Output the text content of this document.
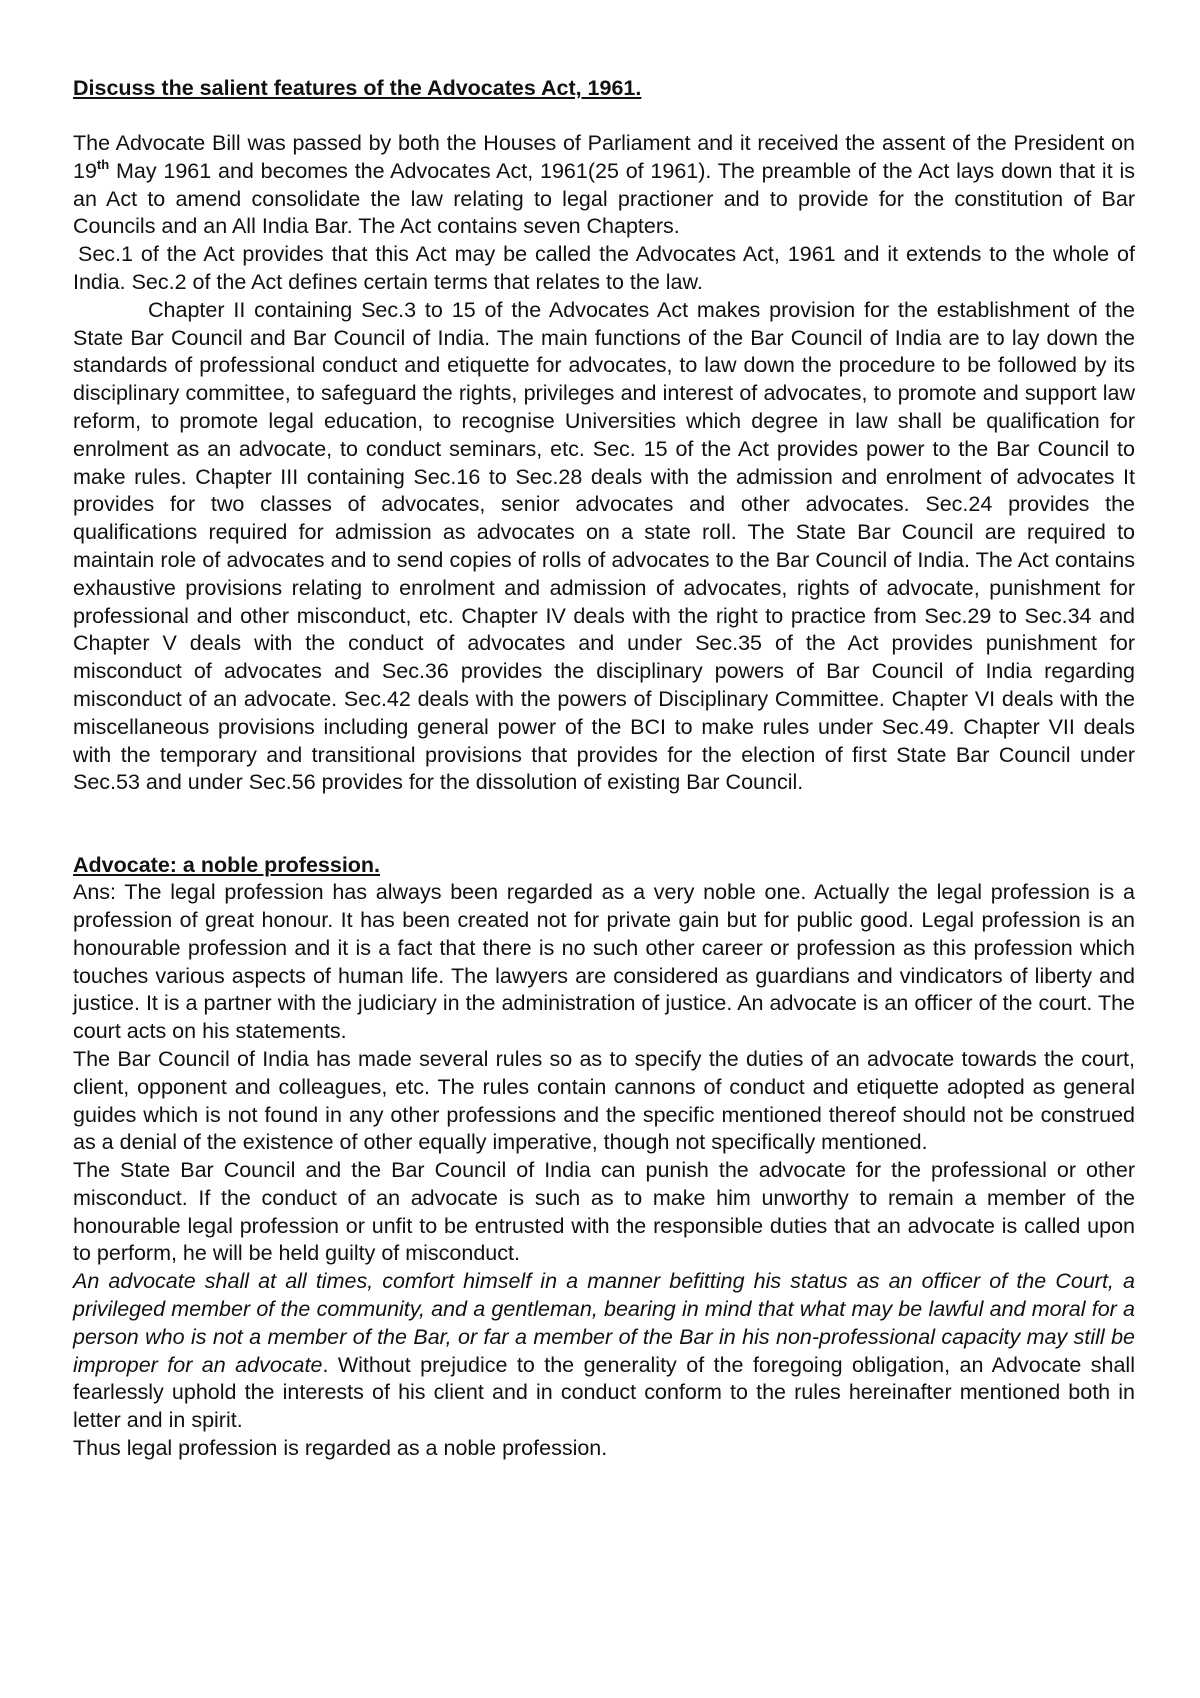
Discuss the salient features of the Advocates Act, 1961.

The Advocate Bill was passed by both the Houses of Parliament and it received the assent of the President on 19th May 1961 and becomes the Advocates Act, 1961(25 of 1961). The preamble of the Act lays down that it is an Act to amend consolidate the law relating to legal practioner and to provide for the constitution of Bar Councils and an All India Bar. The Act contains seven Chapters.

Sec.1 of the Act provides that this Act may be called the Advocates Act, 1961 and it extends to the whole of India. Sec.2 of the Act defines certain terms that relates to the law.

Chapter II containing Sec.3 to 15 of the Advocates Act makes provision for the establishment of the State Bar Council and Bar Council of India. The main functions of the Bar Council of India are to lay down the standards of professional conduct and etiquette for advocates, to law down the procedure to be followed by its disciplinary committee, to safeguard the rights, privileges and interest of advocates, to promote and support law reform, to promote legal education, to recognise Universities which degree in law shall be qualification for enrolment as an advocate, to conduct seminars, etc. Sec. 15 of the Act provides power to the Bar Council to make rules. Chapter III containing Sec.16 to Sec.28 deals with the admission and enrolment of advocates It provides for two classes of advocates, senior advocates and other advocates. Sec.24 provides the qualifications required for admission as advocates on a state roll. The State Bar Council are required to maintain role of advocates and to send copies of rolls of advocates to the Bar Council of India. The Act contains exhaustive provisions relating to enrolment and admission of advocates, rights of advocate, punishment for professional and other misconduct, etc. Chapter IV deals with the right to practice from Sec.29 to Sec.34 and Chapter V deals with the conduct of advocates and under Sec.35 of the Act provides punishment for misconduct of advocates and Sec.36 provides the disciplinary powers of Bar Council of India regarding misconduct of an advocate. Sec.42 deals with the powers of Disciplinary Committee. Chapter VI deals with the miscellaneous provisions including general power of the BCI to make rules under Sec.49. Chapter VII deals with the temporary and transitional provisions that provides for the election of first State Bar Council under Sec.53 and under Sec.56 provides for the dissolution of existing Bar Council.

Advocate: a noble profession.

Ans: The legal profession has always been regarded as a very noble one. Actually the legal profession is a profession of great honour. It has been created not for private gain but for public good. Legal profession is an honourable profession and it is a fact that there is no such other career or profession as this profession which touches various aspects of human life. The lawyers are considered as guardians and vindicators of liberty and justice. It is a partner with the judiciary in the administration of justice. An advocate is an officer of the court. The court acts on his statements.

The Bar Council of India has made several rules so as to specify the duties of an advocate towards the court, client, opponent and colleagues, etc. The rules contain cannons of conduct and etiquette adopted as general guides which is not found in any other professions and the specific mentioned thereof should not be construed as a denial of the existence of other equally imperative, though not specifically mentioned.

The State Bar Council and the Bar Council of India can punish the advocate for the professional or other misconduct. If the conduct of an advocate is such as to make him unworthy to remain a member of the honourable legal profession or unfit to be entrusted with the responsible duties that an advocate is called upon to perform, he will be held guilty of misconduct.

An advocate shall at all times, comfort himself in a manner befitting his status as an officer of the Court, a privileged member of the community, and a gentleman, bearing in mind that what may be lawful and moral for a person who is not a member of the Bar, or far a member of the Bar in his non-professional capacity may still be improper for an advocate. Without prejudice to the generality of the foregoing obligation, an Advocate shall fearlessly uphold the interests of his client and in conduct conform to the rules hereinafter mentioned both in letter and in spirit.

Thus legal profession is regarded as a noble profession.
